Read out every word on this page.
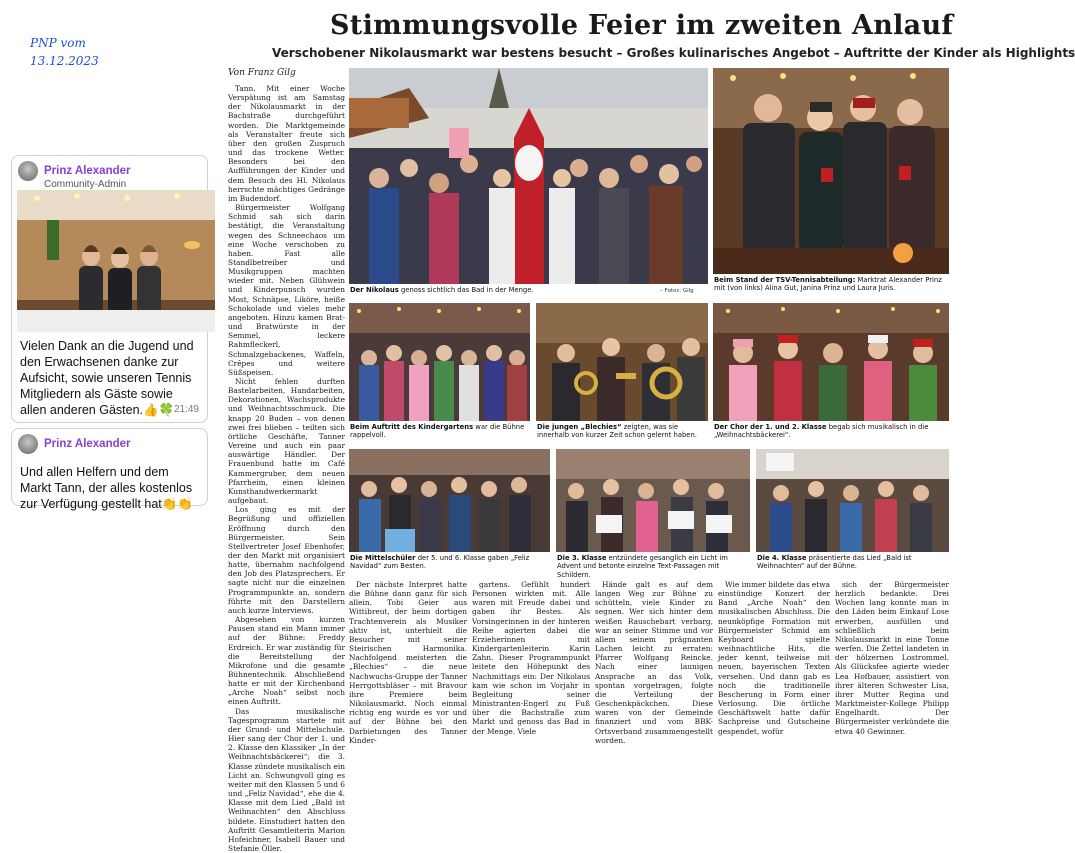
PNP vom
13.12.2023
Prinz Alexander
Community-Admin
Vielen Dank an die Jugend und den Erwachsenen danke zur Aufsicht, sowie unseren Tennis Mitgliedern als Gäste sowie allen anderen Gästen.👍🍀 21:49
Prinz Alexander
Und allen Helfern und dem Markt Tann, der alles kostenlos zur Verfügung gestellt hat👏👏
Stimmungsvolle Feier im zweiten Anlauf
Verschobener Nikolausmarkt war bestens besucht – Großes kulinarisches Angebot – Auftritte der Kinder als Highlights
Von Franz Gilg

Tann. Mit einer Woche Verspätung ist am Samstag der Nikolausmarkt in der Bachstraße durchgeführt worden. Die Marktgemeinde als Veranstalter freute sich über den großen Zuspruch und das trockene Wetter. Besonders bei den Aufführungen der Kinder und dem Besuch des Hl. Nikolaus herrschte mächtiges Gedränge im Budendorf.

Bürgermeister Wolfgang Schmid sah sich darin bestätigt, die Veranstaltung wegen des Schneechaos um eine Woche verschoben zu haben. Fast alle Standlbetreiber und Musikgruppen machten wieder mit. Neben Glühwein und Kinderpunsch wurden Most, Schnäpse, Liköre, heiße Schokolade und vieles mehr angeboten. Hinzu kamen Brat- und Bratwürste in der Semmel, leckere Rahmfleckerl, Schmalzgebackenes, Waffeln, Crêpes und weitere Süßspeisen.

Nicht fehlen durften Bastelarbeiten, Handarbeiten, Dekorationen, Wachsprodukte und Weihnachtsschmuck. Die knapp 20 Buden – von denen zwei frei blieben – teilten sich örtliche Geschäfte, Tanner Vereine und auch ein paar auswärtige Händler. Der Frauenbund hatte im Café Kammergruber, dem neuen Pfarrheim, einen kleinen Kunsthandwerkermarkt aufgebaut.

Los ging es mit der Begrüßung und offiziellen Eröffnung durch den Bürgermeister. Sein Stellvertreter Josef Ebenhofer, der den Markt mit organisiert hatte, übernahm nachfolgend den Job des Platzsprechers. Er sagte nicht nur die einzelnen Programmpunkte an, sondern führte mit den Darstellern auch kurze Interviews.

Abgesehen von kurzen Pausen stand ein Mann immer auf der Bühne: Freddy Erdreich. Er war zuständig für die Bereitstellung der Mikrofone und die gesamte Bühnentechnik. Abschließend hatte er mit der Kirchenband „Arche Noah“ selbst noch einen Auftritt.

Das musikalische Tagesprogramm startete mit der Grund- und Mittelschule. Hier sang der Chor der 1. und 2. Klasse den Klassiker „In der Weihnachtsbäckerei“; die 3. Klasse zündete musikalisch ein Licht an. Schwungvoll ging es weiter mit den Klassen 5 und 6 und „Feliz Navidad“, ehe die 4. Klasse mit dem Lied „Bald ist Weihnachten“ den Abschluss bildete. Einstudiert hatten den Auftritt Gesamtleiterin Marion Hofeichner, Isabell Bauer und Stefanie Öller.

Der Nikolaus genoss sichtlich das Bad in der Menge.	– Fotos: Gilg
Beim Stand der TSV-Tennisabteilung: Marktrat Alexander Prinz mit (von links) Alina Gut, Janina Prinz und Laura Juris.
Beim Auftritt des Kindergartens war die Bühne rappelvoll.
Die jungen „Blechies“ zeigten, was sie innerhalb von kurzer Zeit schon gelernt haben.
Der Chor der 1. und 2. Klasse begab sich musikalisch in die „Weihnachtsbäckerei“.
Die Mittelschüler der 5. und 6. Klasse gaben „Feliz Navidad“ zum Besten.
Die 3. Klasse entzündete gesanglich ein Licht im Advent und betonte einzelne Text-Passagen mit Schildern.
Die 4. Klasse präsentierte das Lied „Bald ist Weihnachten“ auf der Bühne.

Der nächste Interpret hatte die Bühne dann ganz für sich allein. Tobi Geier aus Wittibreut, der beim dortigen Trachtenverein als Musiker aktiv ist, unterhielt die Besucher mit seiner Steirischen Harmonika. Nachfolgend meisterten die „Blechies“ – die neue Nachwuchs-Gruppe der Tanner Herrgottsbläser – mit Bravour ihre Premiere beim Nikolausmarkt. Noch einmal richtig eng wurde es vor und auf der Bühne bei den Darbietungen des Tanner Kinder-

gartens. Gefühlt hundert Personen wirkten mit. Alle waren mit Freude dabei und gaben ihr Bestes. Als Vorsingerinnen in der hinteren Reihe agierten dabei die Erzieherinnen mit Kindergartenleiterin Karin Zahn. Dieser Programmpunkt leitete den Höhepunkt des Nachmittags ein: Der Nikolaus kam wie schon im Vorjahr in Begleitung seiner Ministranten-Engerl zu Fuß über die Bachstraße zum Markt und genoss das Bad in der Menge. Viele

Hände galt es auf dem langen Weg zur Bühne zu schütteln, viele Kinder zu segnen. Wer sich hinter dem weißen Rauschebart verbarg, war an seiner Stimme und vor allem seinem prägnanten Lachen leicht zu erraten: Pfarrer Wolfgang Reincke. Nach einer launigen Ansprache an das Volk, spontan vorgetragen, folgte die Verteilung der Geschenkpäckchen. Diese waren von der Gemeinde finanziert und vom BBK-Ortsverband zusammengestellt worden.

Wie immer bildete das etwa einstündige Konzert der Band „Arche Noah“ den musikalischen Abschluss. Die neunköpfige Formation mit Bürgermeister Schmid am Keyboard spielte weihnachtliche Hits, die jeder kennt, teilweise mit neuen, bayerischen Texten versehen. Und dann gab es noch die traditionelle Bescherung in Form einer Verlosung. Die örtliche Geschäftswelt hatte dafür Sachpreise und Gutscheine gespendet, wofür

sich der Bürgermeister herzlich bedankte. Drei Wochen lang konnte man in den Läden beim Einkauf Lose erwerben, ausfüllen und schließlich beim Nikolausmarkt in eine Tonne werfen. Die Zettel landeten in der hölzernen Lostrommel. Als Glücksfee agierte wieder Lea Hofbauer, assistiert von ihrer älteren Schwester Lisa, ihrer Mutter Regina und Marktmeister-Kollege Philipp Engelhardt. Der Bürgermeister verkündete die etwa 40 Gewinner.
